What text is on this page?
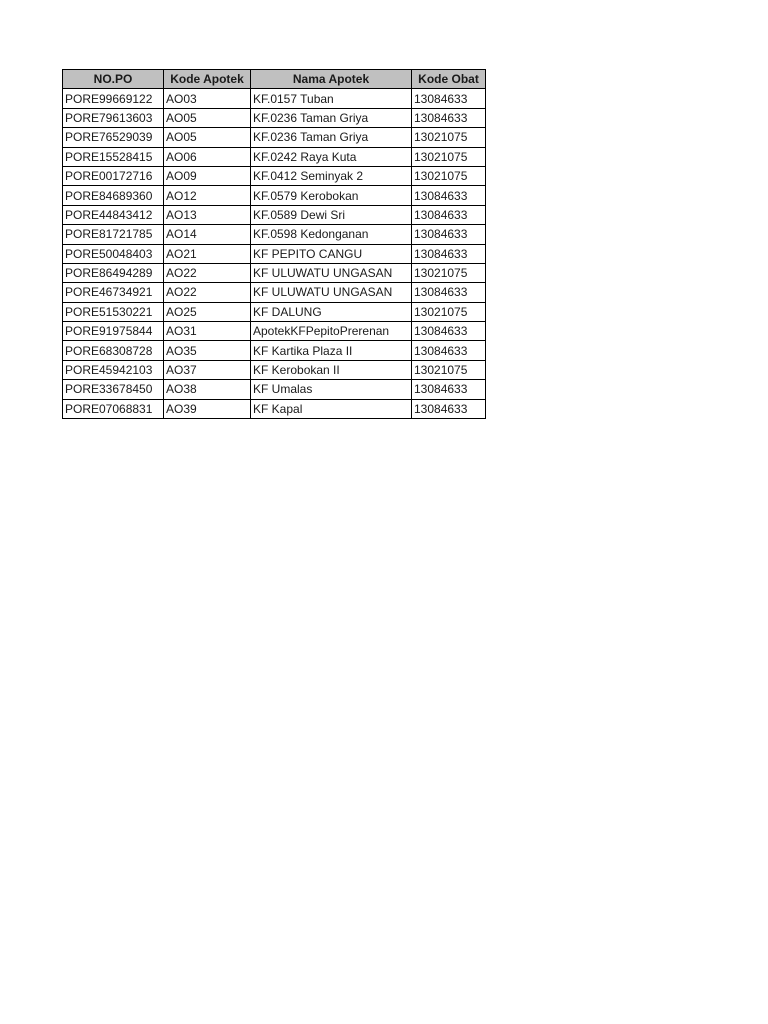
NO.PO	Kode Apotek	Nama Apotek	Kode Obat
PORE99669122	AO03	KF.0157 Tuban	13084633
PORE79613603	AO05	KF.0236 Taman Griya	13084633
PORE76529039	AO05	KF.0236 Taman Griya	13021075
PORE15528415	AO06	KF.0242 Raya Kuta	13021075
PORE00172716	AO09	KF.0412 Seminyak 2	13021075
PORE84689360	AO12	KF.0579 Kerobokan	13084633
PORE44843412	AO13	KF.0589 Dewi Sri	13084633
PORE81721785	AO14	KF.0598 Kedonganan	13084633
PORE50048403	AO21	KF PEPITO CANGU	13084633
PORE86494289	AO22	KF ULUWATU UNGASAN	13021075
PORE46734921	AO22	KF ULUWATU UNGASAN	13084633
PORE51530221	AO25	KF DALUNG	13021075
PORE91975844	AO31	ApotekKFPepitoPrerenan	13084633
PORE68308728	AO35	KF Kartika Plaza II	13084633
PORE45942103	AO37	KF Kerobokan II	13021075
PORE33678450	AO38	KF Umalas	13084633
PORE07068831	AO39	KF Kapal	13084633
